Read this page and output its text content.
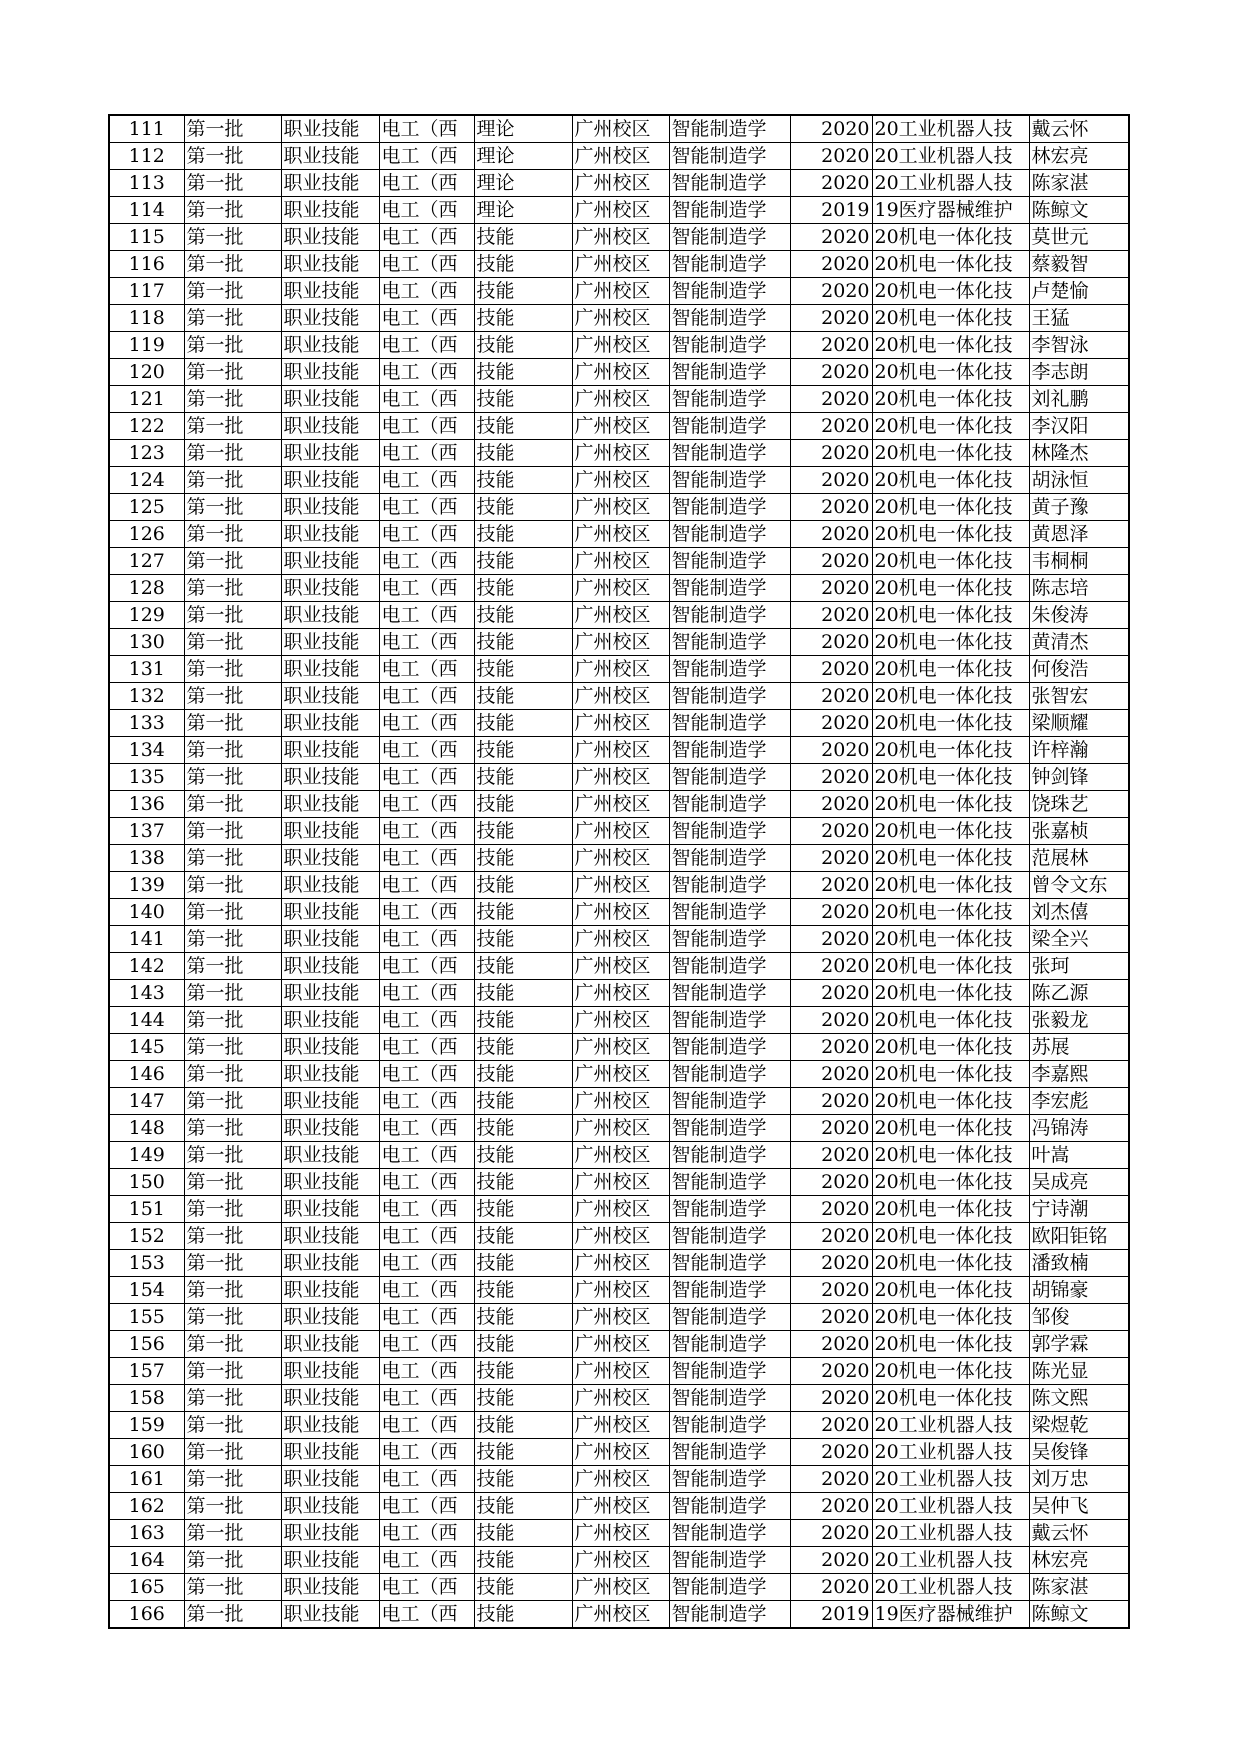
111	第一批	职业技能	电工（西	理论	广州校区	智能制造学	2020	20工业机器人技	戴云怀
112	第一批	职业技能	电工（西	理论	广州校区	智能制造学	2020	20工业机器人技	林宏亮
113	第一批	职业技能	电工（西	理论	广州校区	智能制造学	2020	20工业机器人技	陈家湛
114	第一批	职业技能	电工（西	理论	广州校区	智能制造学	2019	19医疗器械维护	陈鲸文
115	第一批	职业技能	电工（西	技能	广州校区	智能制造学	2020	20机电一体化技	莫世元
116	第一批	职业技能	电工（西	技能	广州校区	智能制造学	2020	20机电一体化技	蔡毅智
117	第一批	职业技能	电工（西	技能	广州校区	智能制造学	2020	20机电一体化技	卢楚愉
118	第一批	职业技能	电工（西	技能	广州校区	智能制造学	2020	20机电一体化技	王猛
119	第一批	职业技能	电工（西	技能	广州校区	智能制造学	2020	20机电一体化技	李智泳
120	第一批	职业技能	电工（西	技能	广州校区	智能制造学	2020	20机电一体化技	李志朗
121	第一批	职业技能	电工（西	技能	广州校区	智能制造学	2020	20机电一体化技	刘礼鹏
122	第一批	职业技能	电工（西	技能	广州校区	智能制造学	2020	20机电一体化技	李汉阳
123	第一批	职业技能	电工（西	技能	广州校区	智能制造学	2020	20机电一体化技	林隆杰
124	第一批	职业技能	电工（西	技能	广州校区	智能制造学	2020	20机电一体化技	胡泳恒
125	第一批	职业技能	电工（西	技能	广州校区	智能制造学	2020	20机电一体化技	黄子豫
126	第一批	职业技能	电工（西	技能	广州校区	智能制造学	2020	20机电一体化技	黄恩泽
127	第一批	职业技能	电工（西	技能	广州校区	智能制造学	2020	20机电一体化技	韦桐桐
128	第一批	职业技能	电工（西	技能	广州校区	智能制造学	2020	20机电一体化技	陈志培
129	第一批	职业技能	电工（西	技能	广州校区	智能制造学	2020	20机电一体化技	朱俊涛
130	第一批	职业技能	电工（西	技能	广州校区	智能制造学	2020	20机电一体化技	黄清杰
131	第一批	职业技能	电工（西	技能	广州校区	智能制造学	2020	20机电一体化技	何俊浩
132	第一批	职业技能	电工（西	技能	广州校区	智能制造学	2020	20机电一体化技	张智宏
133	第一批	职业技能	电工（西	技能	广州校区	智能制造学	2020	20机电一体化技	梁顺耀
134	第一批	职业技能	电工（西	技能	广州校区	智能制造学	2020	20机电一体化技	许梓瀚
135	第一批	职业技能	电工（西	技能	广州校区	智能制造学	2020	20机电一体化技	钟剑锋
136	第一批	职业技能	电工（西	技能	广州校区	智能制造学	2020	20机电一体化技	饶珠艺
137	第一批	职业技能	电工（西	技能	广州校区	智能制造学	2020	20机电一体化技	张嘉桢
138	第一批	职业技能	电工（西	技能	广州校区	智能制造学	2020	20机电一体化技	范展林
139	第一批	职业技能	电工（西	技能	广州校区	智能制造学	2020	20机电一体化技	曾令文东
140	第一批	职业技能	电工（西	技能	广州校区	智能制造学	2020	20机电一体化技	刘杰僖
141	第一批	职业技能	电工（西	技能	广州校区	智能制造学	2020	20机电一体化技	梁全兴
142	第一批	职业技能	电工（西	技能	广州校区	智能制造学	2020	20机电一体化技	张珂
143	第一批	职业技能	电工（西	技能	广州校区	智能制造学	2020	20机电一体化技	陈乙源
144	第一批	职业技能	电工（西	技能	广州校区	智能制造学	2020	20机电一体化技	张毅龙
145	第一批	职业技能	电工（西	技能	广州校区	智能制造学	2020	20机电一体化技	苏展
146	第一批	职业技能	电工（西	技能	广州校区	智能制造学	2020	20机电一体化技	李嘉熙
147	第一批	职业技能	电工（西	技能	广州校区	智能制造学	2020	20机电一体化技	李宏彪
148	第一批	职业技能	电工（西	技能	广州校区	智能制造学	2020	20机电一体化技	冯锦涛
149	第一批	职业技能	电工（西	技能	广州校区	智能制造学	2020	20机电一体化技	叶嵩
150	第一批	职业技能	电工（西	技能	广州校区	智能制造学	2020	20机电一体化技	吴成亮
151	第一批	职业技能	电工（西	技能	广州校区	智能制造学	2020	20机电一体化技	宁诗潮
152	第一批	职业技能	电工（西	技能	广州校区	智能制造学	2020	20机电一体化技	欧阳钜铭
153	第一批	职业技能	电工（西	技能	广州校区	智能制造学	2020	20机电一体化技	潘致楠
154	第一批	职业技能	电工（西	技能	广州校区	智能制造学	2020	20机电一体化技	胡锦豪
155	第一批	职业技能	电工（西	技能	广州校区	智能制造学	2020	20机电一体化技	邹俊
156	第一批	职业技能	电工（西	技能	广州校区	智能制造学	2020	20机电一体化技	郭学霖
157	第一批	职业技能	电工（西	技能	广州校区	智能制造学	2020	20机电一体化技	陈光显
158	第一批	职业技能	电工（西	技能	广州校区	智能制造学	2020	20机电一体化技	陈文熙
159	第一批	职业技能	电工（西	技能	广州校区	智能制造学	2020	20工业机器人技	梁煜乾
160	第一批	职业技能	电工（西	技能	广州校区	智能制造学	2020	20工业机器人技	吴俊锋
161	第一批	职业技能	电工（西	技能	广州校区	智能制造学	2020	20工业机器人技	刘万忠
162	第一批	职业技能	电工（西	技能	广州校区	智能制造学	2020	20工业机器人技	吴仲飞
163	第一批	职业技能	电工（西	技能	广州校区	智能制造学	2020	20工业机器人技	戴云怀
164	第一批	职业技能	电工（西	技能	广州校区	智能制造学	2020	20工业机器人技	林宏亮
165	第一批	职业技能	电工（西	技能	广州校区	智能制造学	2020	20工业机器人技	陈家湛
166	第一批	职业技能	电工（西	技能	广州校区	智能制造学	2019	19医疗器械维护	陈鲸文
